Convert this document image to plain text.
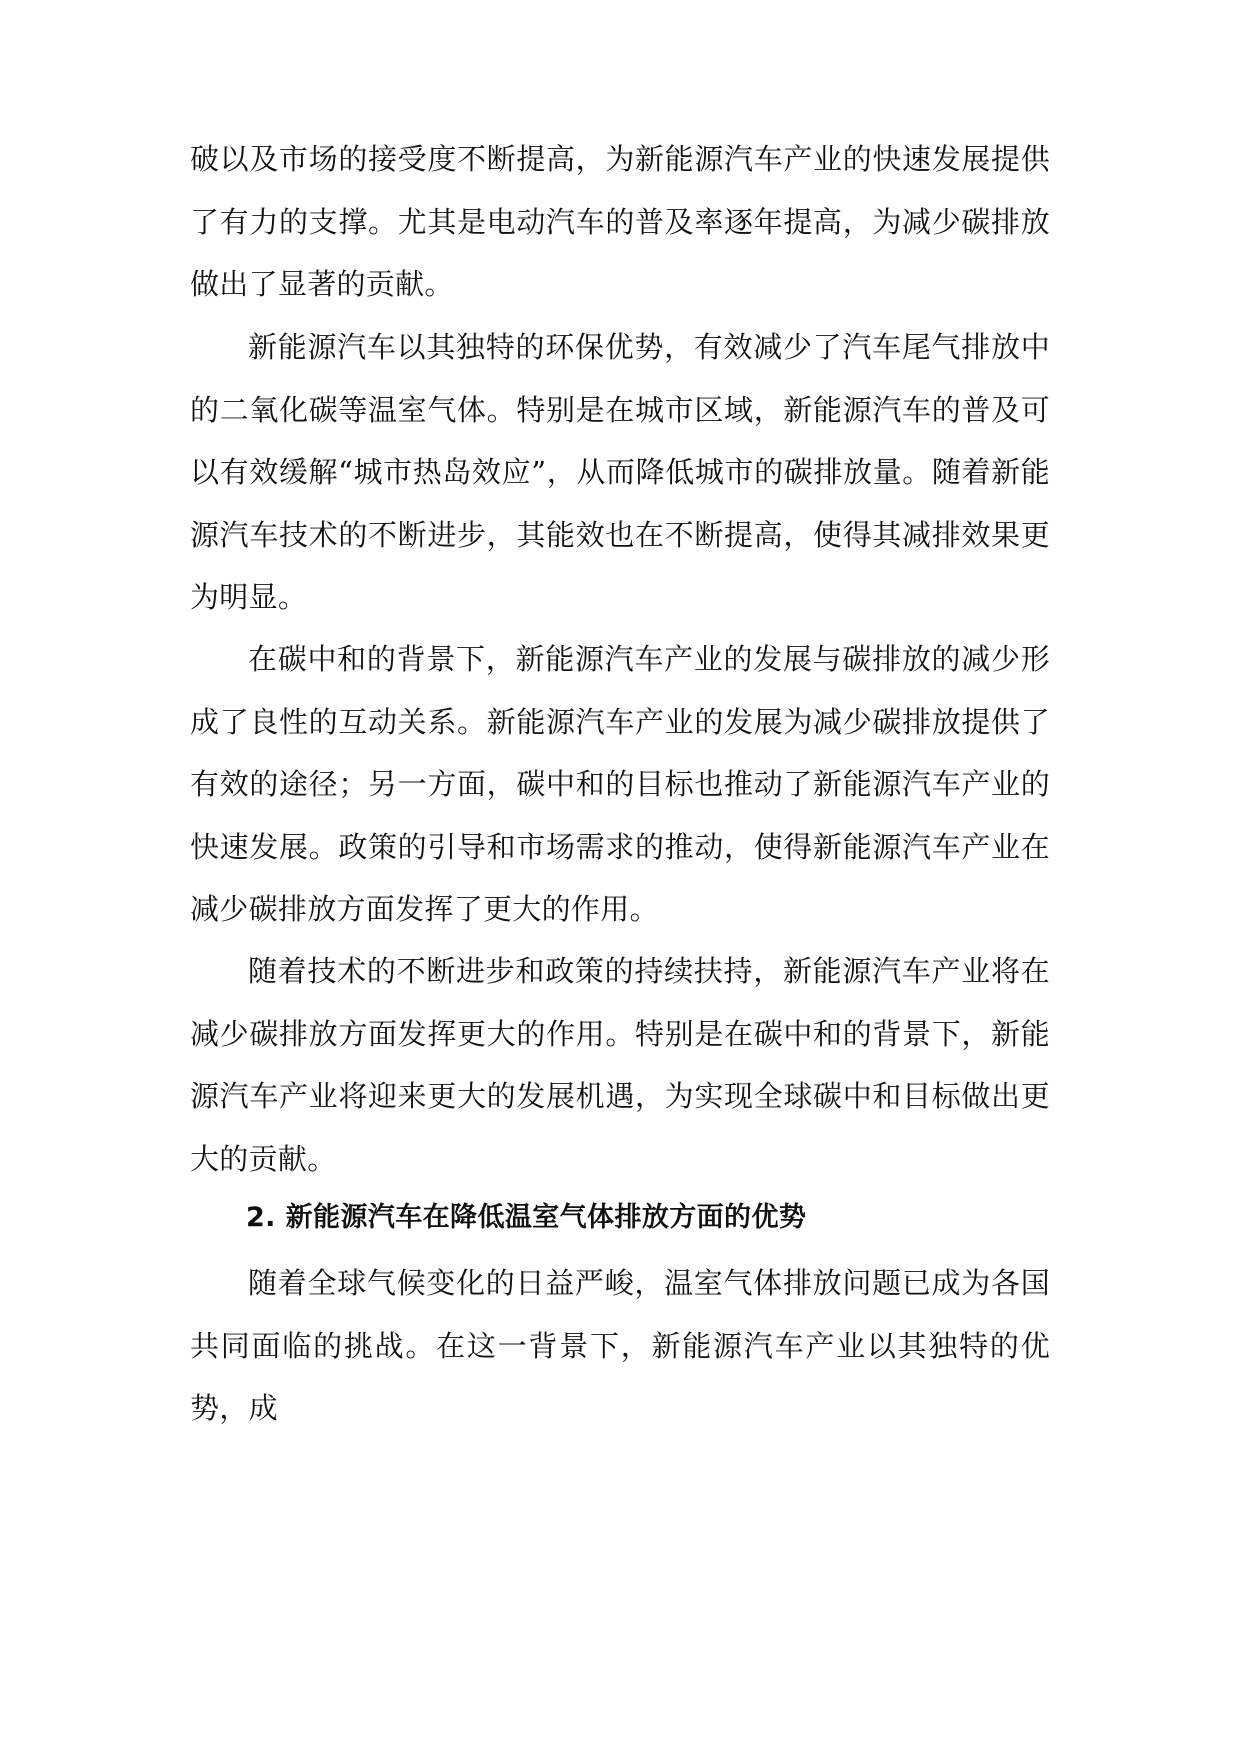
破以及市场的接受度不断提高，为新能源汽车产业的快速发展提供了有力的支撑。尤其是电动汽车的普及率逐年提高，为减少碳排放做出了显著的贡献。

新能源汽车以其独特的环保优势，有效减少了汽车尾气排放中的二氧化碳等温室气体。特别是在城市区域，新能源汽车的普及可以有效缓解“城市热岛效应”，从而降低城市的碳排放量。随着新能源汽车技术的不断进步，其能效也在不断提高，使得其减排效果更为明显。

在碳中和的背景下，新能源汽车产业的发展与碳排放的减少形成了良性的互动关系。新能源汽车产业的发展为减少碳排放提供了有效的途径；另一方面，碳中和的目标也推动了新能源汽车产业的快速发展。政策的引导和市场需求的推动，使得新能源汽车产业在减少碳排放方面发挥了更大的作用。

随着技术的不断进步和政策的持续扶持，新能源汽车产业将在减少碳排放方面发挥更大的作用。特别是在碳中和的背景下，新能源汽车产业将迎来更大的发展机遇，为实现全球碳中和目标做出更大的贡献。

2. 新能源汽车在降低温室气体排放方面的优势

随着全球气候变化的日益严峻，温室气体排放问题已成为各国共同面临的挑战。在这一背景下，新能源汽车产业以其独特的优势，成
